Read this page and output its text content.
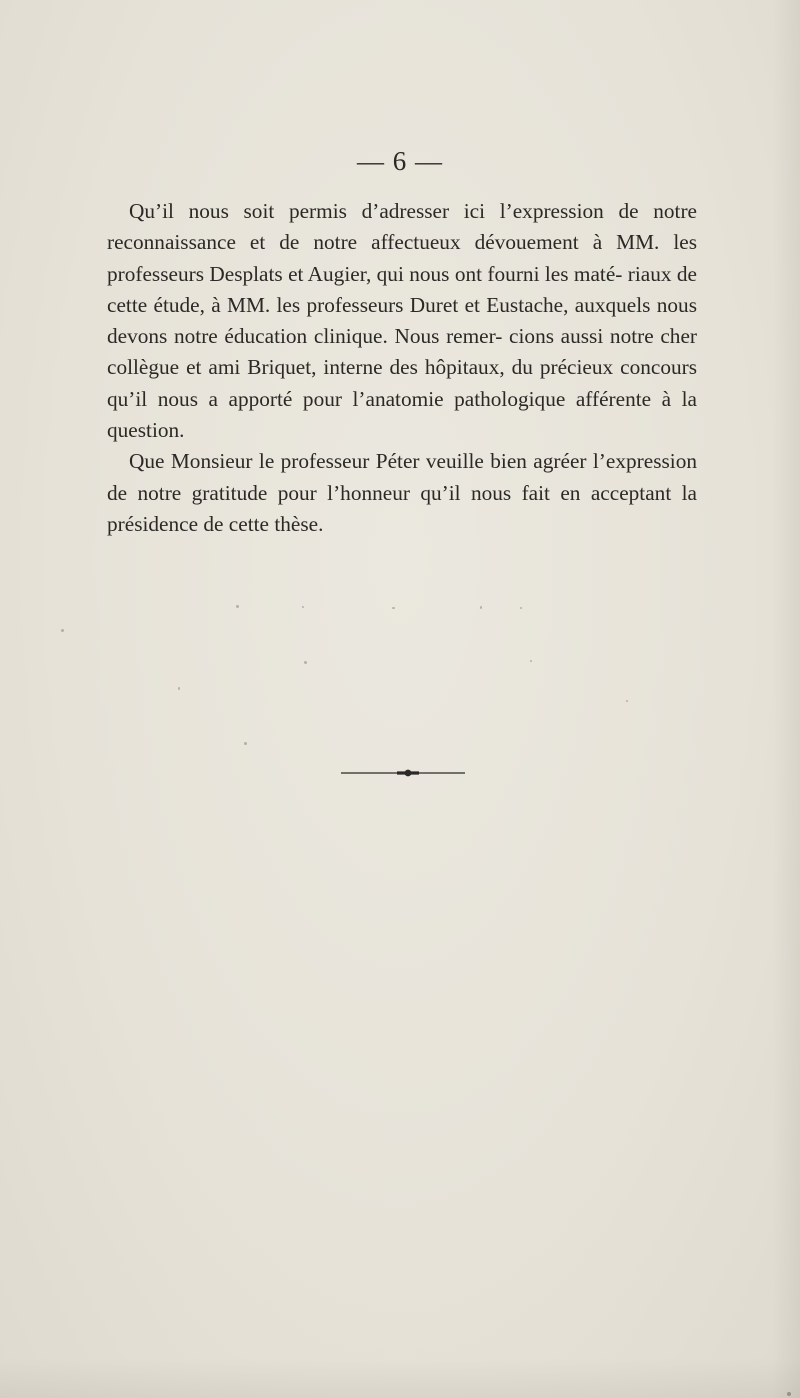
— 6 —

Qu’il nous soit permis d’adresser ici l’expression de notre reconnaissance et de notre affectueux dévouement à MM. les professeurs Desplats et Augier, qui nous ont fourni les maté- riaux de cette étude, à MM. les professeurs Duret et Eustache, auxquels nous devons notre éducation clinique. Nous remer- cions aussi notre cher collègue et ami Briquet, interne des hôpitaux, du précieux concours qu’il nous a apporté pour l’anatomie pathologique afférente à la question.

Que Monsieur le professeur Péter veuille bien agréer l’expression de notre gratitude pour l’honneur qu’il nous fait en acceptant la présidence de cette thèse.
